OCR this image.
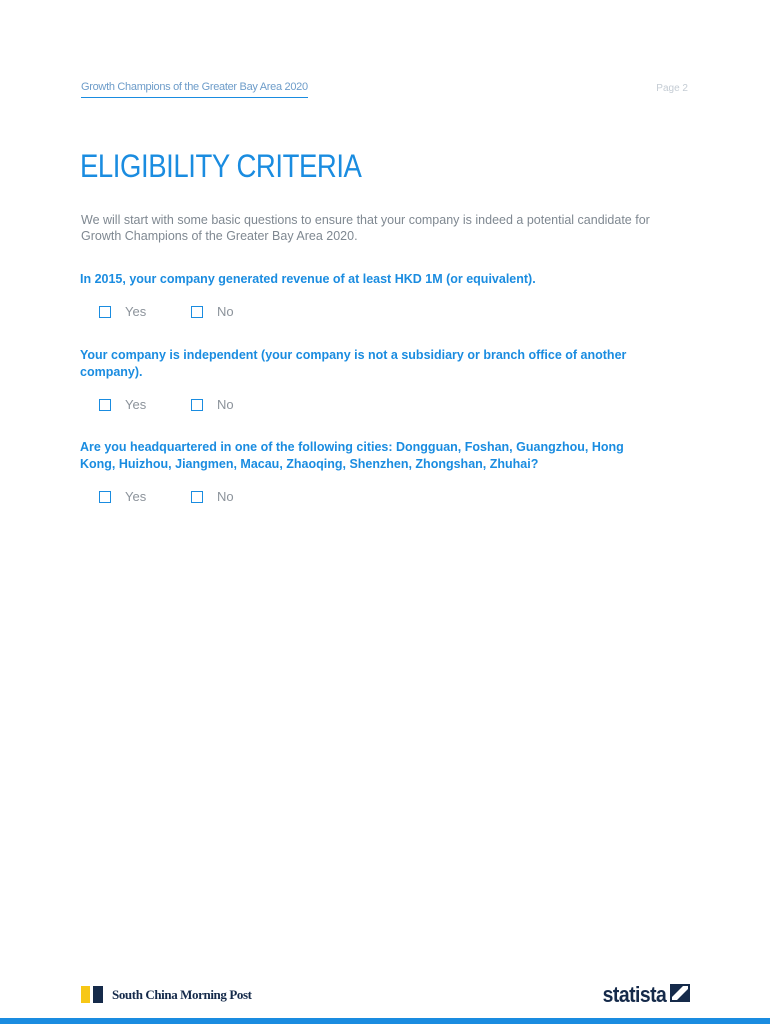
Growth Champions of the Greater Bay Area 2020	Page 2
ELIGIBILITY CRITERIA

We will start with some basic questions to ensure that your company is indeed a potential candidate for Growth Champions of the Greater Bay Area 2020.

In 2015, your company generated revenue of at least HKD 1M (or equivalent).

Yes	No

Your company is independent (your company is not a subsidiary or branch office of another company).

Yes	No

Are you headquartered in one of the following cities: Dongguan, Foshan, Guangzhou, Hong Kong, Huizhou, Jiangmen, Macau, Zhaoqing, Shenzhen, Zhongshan, Zhuhai?

Yes	No
South China Morning Post	statista
